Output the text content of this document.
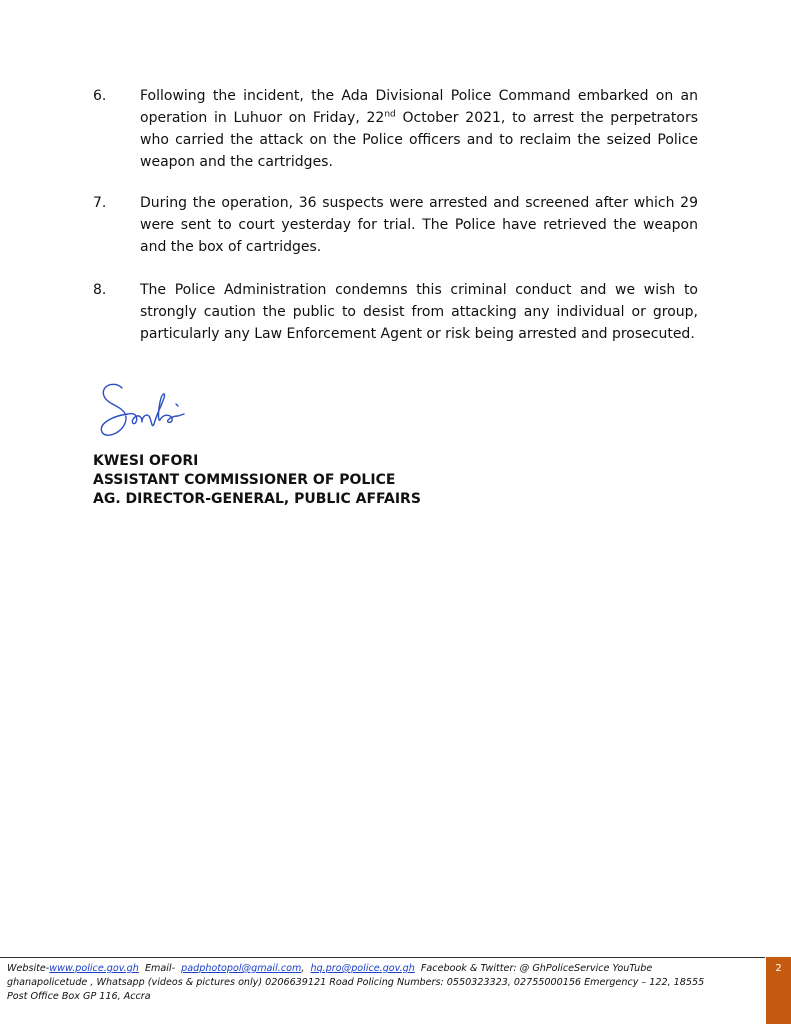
6. Following the incident, the Ada Divisional Police Command embarked on an operation in Luhuor on Friday, 22nd October 2021, to arrest the perpetrators who carried the attack on the Police officers and to reclaim the seized Police weapon and the cartridges.
7. During the operation, 36 suspects were arrested and screened after which 29 were sent to court yesterday for trial. The Police have retrieved the weapon and the box of cartridges.
8. The Police Administration condemns this criminal conduct and we wish to strongly caution the public to desist from attacking any individual or group, particularly any Law Enforcement Agent or risk being arrested and prosecuted.
KWESI OFORI
ASSISTANT COMMISSIONER OF POLICE
AG. DIRECTOR-GENERAL, PUBLIC AFFAIRS
Website-www.police.gov.gh Email- padphotopol@gmail.com, hq.pro@police.gov.gh Facebook & Twitter: @ GhPoliceService YouTube
ghanapolicetude , Whatsapp (videos & pictures only) 0206639121 Road Policing Numbers: 0550323323, 02755000156 Emergency – 122, 18555
Post Office Box GP 116, Accra
2
